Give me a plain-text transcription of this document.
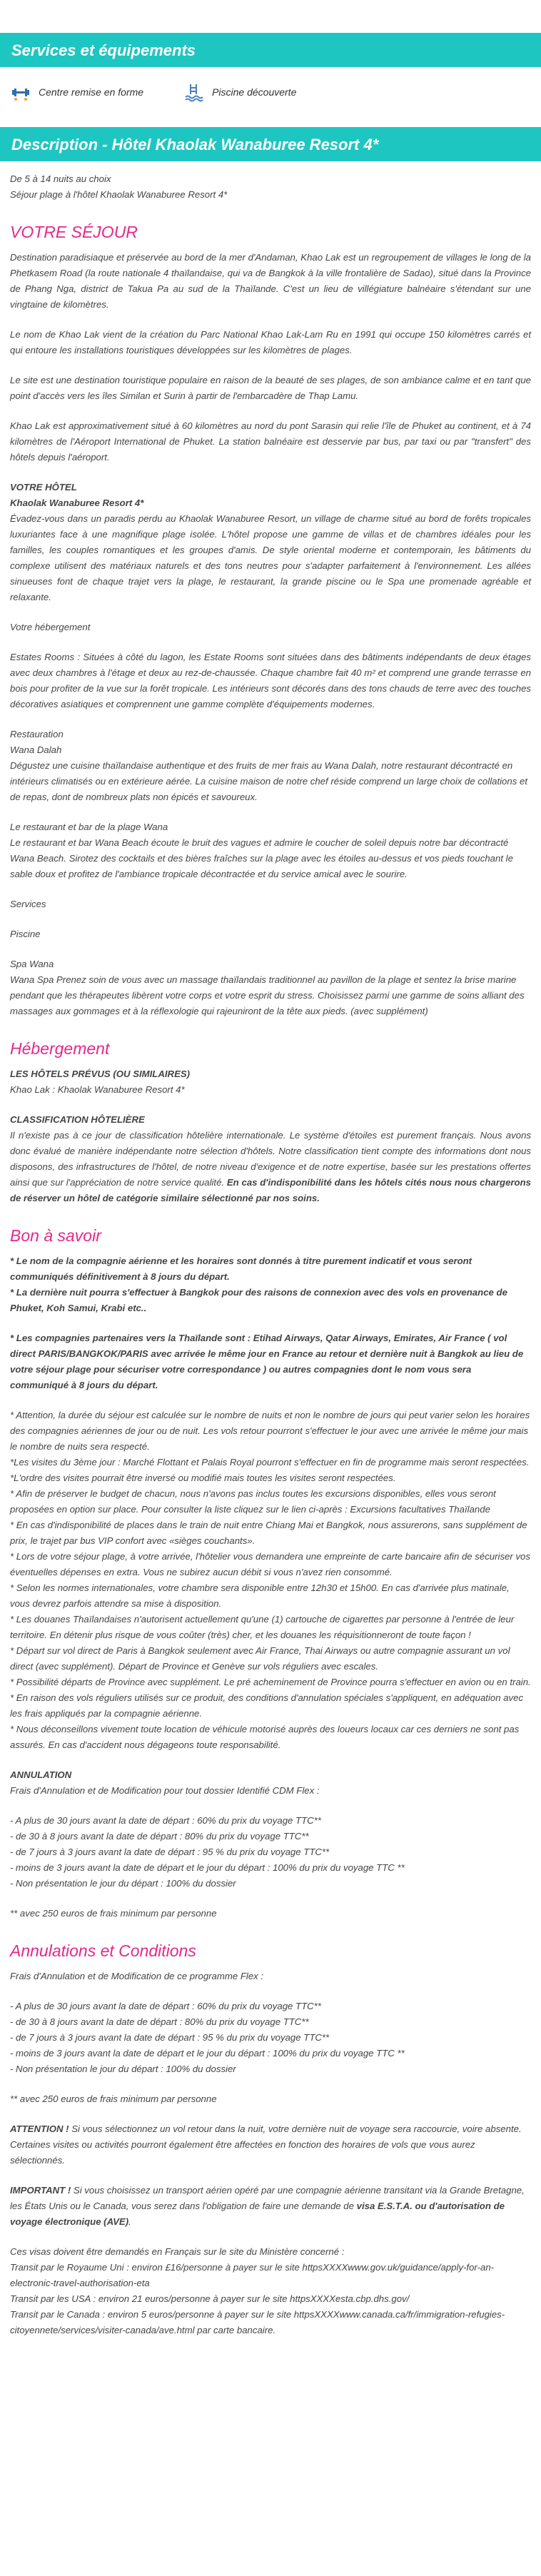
Services et équipements
Centre remise en forme	Piscine découverte
Description - Hôtel Khaolak Wanaburee Resort 4*

De 5 à 14 nuits au choix

Séjour plage à l'hôtel Khaolak Wanaburee Resort 4*

VOTRE SÉJOUR

Destination paradisiaque et préservée au bord de la mer d'Andaman, Khao Lak est un regroupement de villages le long de la Phetkasem Road (la route nationale 4 thaïlandaise, qui va de Bangkok à la ville frontalière de Sadao), situé dans la Province de Phang Nga, district de Takua Pa au sud de la Thaïlande. C'est un lieu de villégiature balnéaire s'étendant sur une vingtaine de kilomètres.

Le nom de Khao Lak vient de la création du Parc National Khao Lak-Lam Ru en 1991 qui occupe 150 kilomètres carrés et qui entoure les installations touristiques développées sur les kilomètres de plages.

Le site est une destination touristique populaire en raison de la beauté de ses plages, de son ambiance calme et en tant que point d'accès vers les îles Similan et Surin à partir de l'embarcadère de Thap Lamu.

Khao Lak est approximativement situé à 60 kilomètres au nord du pont Sarasin qui relie l'île de Phuket au continent, et à 74 kilomètres de l'Aéroport International de Phuket. La station balnéaire est desservie par bus, par taxi ou par "transfert" des hôtels depuis l'aéroport.

VOTRE HÔTEL

Khaolak Wanaburee Resort 4*

Évadez-vous dans un paradis perdu au Khaolak Wanaburee Resort, un village de charme situé au bord de forêts tropicales luxuriantes face à une magnifique plage isolée. L'hôtel propose une gamme de villas et de chambres idéales pour les familles, les couples romantiques et les groupes d'amis. De style oriental moderne et contemporain, les bâtiments du complexe utilisent des matériaux naturels et des tons neutres pour s'adapter parfaitement à l'environnement. Les allées sinueuses font de chaque trajet vers la plage, le restaurant, la grande piscine ou le Spa une promenade agréable et relaxante.

Votre hébergement

Estates Rooms : Situées à côté du lagon, les Estate Rooms sont situées dans des bâtiments indépendants de deux étages avec deux chambres à l'étage et deux au rez-de-chaussée. Chaque chambre fait 40 m² et comprend une grande terrasse en bois pour profiter de la vue sur la forêt tropicale. Les intérieurs sont décorés dans des tons chauds de terre avec des touches décoratives asiatiques et comprennent une gamme complète d'équipements modernes.

Restauration

Wana Dalah

Dégustez une cuisine thaïlandaise authentique et des fruits de mer frais au Wana Dalah, notre restaurant décontracté en intérieurs climatisés ou en extérieure aérée. La cuisine maison de notre chef réside comprend un large choix de collations et de repas, dont de nombreux plats non épicés et savoureux.

Le restaurant et bar de la plage Wana

Le restaurant et bar Wana Beach écoute le bruit des vagues et admire le coucher de soleil depuis notre bar décontracté Wana Beach. Sirotez des cocktails et des bières fraîches sur la plage avec les étoiles au-dessus et vos pieds touchant le sable doux et profitez de l'ambiance tropicale décontractée et du service amical avec le sourire.

Services

Piscine

Spa Wana

Wana Spa Prenez soin de vous avec un massage thaïlandais traditionnel au pavillon de la plage et sentez la brise marine pendant que les thérapeutes libèrent votre corps et votre esprit du stress. Choisissez parmi une gamme de soins alliant des massages aux gommages et à la réflexologie qui rajeuniront de la tête aux pieds. (avec supplément)

Hébergement

LES HÔTELS PRÉVUS (OU SIMILAIRES)

Khao Lak : Khaolak Wanaburee Resort 4*

CLASSIFICATION HÔTELIÈRE

Il n'existe pas à ce jour de classification hôtelière internationale. Le système d'étoiles est purement français. Nous avons donc évalué de manière indépendante notre sélection d'hôtels. Notre classification tient compte des informations dont nous disposons, des infrastructures de l'hôtel, de notre niveau d'exigence et de notre expertise, basée sur les prestations offertes ainsi que sur l'appréciation de notre service qualité. En cas d'indisponibilité dans les hôtels cités nous nous chargerons de réserver un hôtel de catégorie similaire sélectionné par nos soins.

Bon à savoir

* Le nom de la compagnie aérienne et les horaires sont donnés à titre purement indicatif et vous seront communiqués définitivement à 8 jours du départ.

* La dernière nuit pourra s'effectuer à Bangkok pour des raisons de connexion avec des vols en provenance de Phuket, Koh Samui, Krabi etc..

* Les compagnies partenaires vers la Thaïlande sont : Etihad Airways, Qatar Airways, Emirates, Air France ( vol direct PARIS/BANGKOK/PARIS avec arrivée le même jour en France au retour et dernière nuit à Bangkok au lieu de votre séjour plage pour sécuriser votre correspondance ) ou autres compagnies dont le nom vous sera communiqué à 8 jours du départ.

* Attention, la durée du séjour est calculée sur le nombre de nuits et non le nombre de jours qui peut varier selon les horaires des compagnies aériennes de jour ou de nuit. Les vols retour pourront s'effectuer le jour avec une arrivée le même jour mais le nombre de nuits sera respecté.
*Les visites du 3ème jour : Marché Flottant et Palais Royal pourront s'effectuer en fin de programme mais seront respectées.
*L'ordre des visites pourrait être inversé ou modifié mais toutes les visites seront respectées.
* Afin de préserver le budget de chacun, nous n'avons pas inclus toutes les excursions disponibles, elles vous seront proposées en option sur place. Pour consulter la liste cliquez sur le lien ci-après : Excursions facultatives Thaïlande
* En cas d'indisponibilité de places dans le train de nuit entre Chiang Mai et Bangkok, nous assurerons, sans supplément de prix, le trajet par bus VIP confort avec «sièges couchants».
* Lors de votre séjour plage, à votre arrivée, l'hôtelier vous demandera une empreinte de carte bancaire afin de sécuriser vos éventuelles dépenses en extra. Vous ne subirez aucun débit si vous n'avez rien consommé.
* Selon les normes internationales, votre chambre sera disponible entre 12h30 et 15h00. En cas d'arrivée plus matinale, vous devrez parfois attendre sa mise à disposition.
* Les douanes Thaïlandaises n'autorisent actuellement qu'une (1) cartouche de cigarettes par personne à l'entrée de leur territoire. En détenir plus risque de vous coûter (très) cher, et les douanes les réquisitionneront de toute façon !
* Départ sur vol direct de Paris à Bangkok seulement avec Air France, Thai Airways ou autre compagnie assurant un vol direct (avec supplément). Départ de Province et Genève sur vols réguliers avec escales.
* Possibilité départs de Province avec supplément. Le pré acheminement de Province pourra s'effectuer en avion ou en train.
* En raison des vols réguliers utilisés sur ce produit, des conditions d'annulation spéciales s'appliquent, en adéquation avec les frais appliqués par la compagnie aérienne.
* Nous déconseillons vivement toute location de véhicule motorisé auprès des loueurs locaux car ces derniers ne sont pas assurés. En cas d'accident nous dégageons toute responsabilité.

ANNULATION

Frais d'Annulation et de Modification pour tout dossier Identifié CDM Flex :

- A plus de 30 jours avant la date de départ : 60% du prix du voyage TTC**
- de 30 à 8 jours avant la date de départ : 80% du prix du voyage TTC**
- de 7 jours à 3 jours avant la date de départ : 95 % du prix du voyage TTC**
- moins de 3 jours avant la date de départ et le jour du départ : 100% du prix du voyage TTC **
- Non présentation le jour du départ : 100% du dossier

** avec 250 euros de frais minimum par personne

Annulations et Conditions

Frais d'Annulation et de Modification de ce programme Flex :

- A plus de 30 jours avant la date de départ : 60% du prix du voyage TTC**
- de 30 à 8 jours avant la date de départ : 80% du prix du voyage TTC**
- de 7 jours à 3 jours avant la date de départ : 95 % du prix du voyage TTC**
- moins de 3 jours avant la date de départ et le jour du départ : 100% du prix du voyage TTC **
- Non présentation le jour du départ : 100% du dossier

** avec 250 euros de frais minimum par personne

ATTENTION ! Si vous sélectionnez un vol retour dans la nuit, votre dernière nuit de voyage sera raccourcie, voire absente. Certaines visites ou activités pourront également être affectées en fonction des horaires de vols que vous aurez sélectionnés.

IMPORTANT ! Si vous choisissez un transport aérien opéré par une compagnie aérienne transitant via la Grande Bretagne, les États Unis ou le Canada, vous serez dans l'obligation de faire une demande de visa E.S.T.A. ou d'autorisation de voyage électronique (AVE).

Ces visas doivent être demandés en Français sur le site du Ministère concerné :
Transit par le Royaume Uni : environ £16/personne à payer sur le site httpsXXXXwww.gov.uk/guidance/apply-for-an-electronic-travel-authorisation-eta
Transit par les USA : environ 21 euros/personne à payer sur le site httpsXXXXesta.cbp.dhs.gov/
Transit par le Canada : environ 5 euros/personne à payer sur le site httpsXXXXwww.canada.ca/fr/immigration-refugies-citoyennete/services/visiter-canada/ave.html par carte bancaire.
